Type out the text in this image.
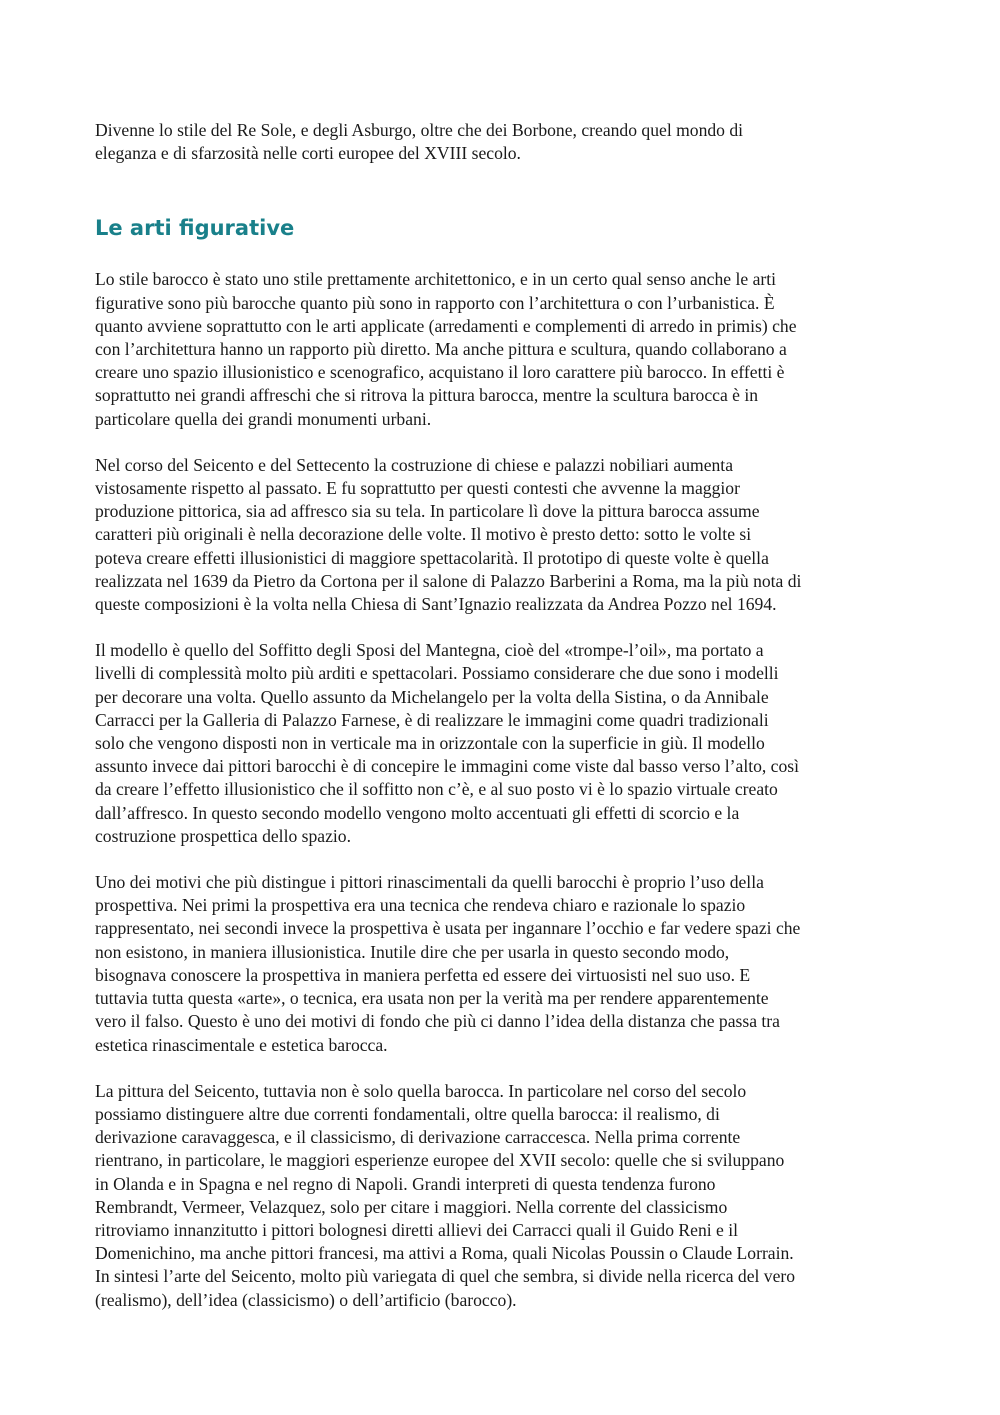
Divenne lo stile del Re Sole, e degli Asburgo, oltre che dei Borbone, creando quel mondo di
eleganza e di sfarzosità nelle corti europee del XVIII secolo.

Le arti figurative

Lo stile barocco è stato uno stile prettamente architettonico, e in un certo qual senso anche le arti
figurative sono più barocche quanto più sono in rapporto con l’architettura o con l’urbanistica. È
quanto avviene soprattutto con le arti applicate (arredamenti e complementi di arredo in primis) che
con l’architettura hanno un rapporto più diretto. Ma anche pittura e scultura, quando collaborano a
creare uno spazio illusionistico e scenografico, acquistano il loro carattere più barocco. In effetti è
soprattutto nei grandi affreschi che si ritrova la pittura barocca, mentre la scultura barocca è in
particolare quella dei grandi monumenti urbani.

Nel corso del Seicento e del Settecento la costruzione di chiese e palazzi nobiliari aumenta
vistosamente rispetto al passato. E fu soprattutto per questi contesti che avvenne la maggior
produzione pittorica, sia ad affresco sia su tela. In particolare lì dove la pittura barocca assume
caratteri più originali è nella decorazione delle volte. Il motivo è presto detto: sotto le volte si
poteva creare effetti illusionistici di maggiore spettacolarità. Il prototipo di queste volte è quella
realizzata nel 1639 da Pietro da Cortona per il salone di Palazzo Barberini a Roma, ma la più nota di
queste composizioni è la volta nella Chiesa di Sant’Ignazio realizzata da Andrea Pozzo nel 1694.

Il modello è quello del Soffitto degli Sposi del Mantegna, cioè del «trompe-l’oil», ma portato a
livelli di complessità molto più arditi e spettacolari. Possiamo considerare che due sono i modelli
per decorare una volta. Quello assunto da Michelangelo per la volta della Sistina, o da Annibale
Carracci per la Galleria di Palazzo Farnese, è di realizzare le immagini come quadri tradizionali
solo che vengono disposti non in verticale ma in orizzontale con la superficie in giù. Il modello
assunto invece dai pittori barocchi è di concepire le immagini come viste dal basso verso l’alto, così
da creare l’effetto illusionistico che il soffitto non c’è, e al suo posto vi è lo spazio virtuale creato
dall’affresco. In questo secondo modello vengono molto accentuati gli effetti di scorcio e la
costruzione prospettica dello spazio.

Uno dei motivi che più distingue i pittori rinascimentali da quelli barocchi è proprio l’uso della
prospettiva. Nei primi la prospettiva era una tecnica che rendeva chiaro e razionale lo spazio
rappresentato, nei secondi invece la prospettiva è usata per ingannare l’occhio e far vedere spazi che
non esistono, in maniera illusionistica. Inutile dire che per usarla in questo secondo modo,
bisognava conoscere la prospettiva in maniera perfetta ed essere dei virtuosisti nel suo uso. E
tuttavia tutta questa «arte», o tecnica, era usata non per la verità ma per rendere apparentemente
vero il falso. Questo è uno dei motivi di fondo che più ci danno l’idea della distanza che passa tra
estetica rinascimentale e estetica barocca.

La pittura del Seicento, tuttavia non è solo quella barocca. In particolare nel corso del secolo
possiamo distinguere altre due correnti fondamentali, oltre quella barocca: il realismo, di
derivazione caravaggesca, e il classicismo, di derivazione carraccesca. Nella prima corrente
rientrano, in particolare, le maggiori esperienze europee del XVII secolo: quelle che si sviluppano
in Olanda e in Spagna e nel regno di Napoli. Grandi interpreti di questa tendenza furono
Rembrandt, Vermeer, Velazquez, solo per citare i maggiori. Nella corrente del classicismo
ritroviamo innanzitutto i pittori bolognesi diretti allievi dei Carracci quali il Guido Reni e il
Domenichino, ma anche pittori francesi, ma attivi a Roma, quali Nicolas Poussin o Claude Lorrain.
In sintesi l’arte del Seicento, molto più variegata di quel che sembra, si divide nella ricerca del vero
(realismo), dell’idea (classicismo) o dell’artificio (barocco).
